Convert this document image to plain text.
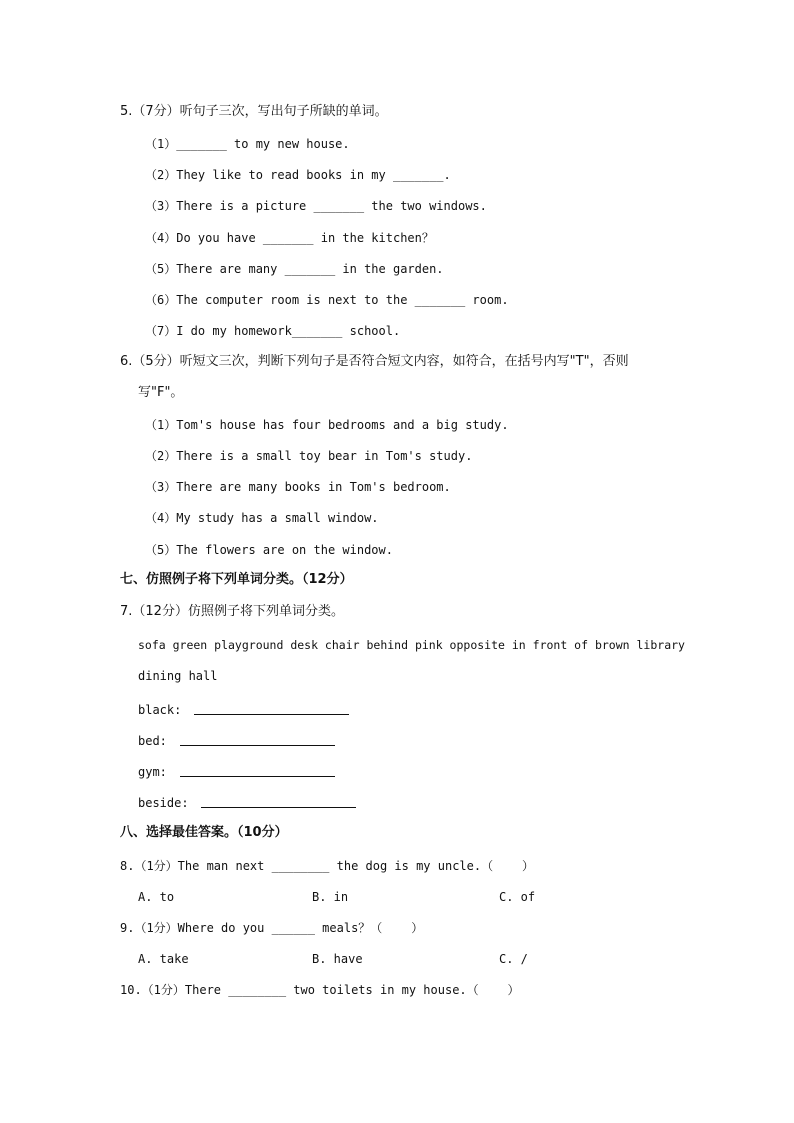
5.（7分）听句子三次，写出句子所缺的单词。
（1）_______ to my new house.
（2）They like to read books in my _______.
（3）There is a picture _______ the two windows.
（4）Do you have _______ in the kitchen？
（5）There are many _______ in the garden.
（6）The computer room is next to the _______ room.
（7）I do my homework_______ school.
6.（5分）听短文三次，判断下列句子是否符合短文内容，如符合，在括号内写"T"，否则
写"F"。
（1）Tom's house has four bedrooms and a big study.
（2）There is a small toy bear in Tom's study.
（3）There are many books in Tom's bedroom.
（4）My study has a small window.
（5）The flowers are on the window.
七、仿照例子将下列单词分类。（12分）
7.（12分）仿照例子将下列单词分类。
sofa green playground desk chair behind pink opposite in front of brown library
dining hall
black:
bed:
gym:
beside:
八、选择最佳答案。（10分）
8.（1分）The man next ________ the dog is my uncle.（    ）
A. to	B. in	C. of
9.（1分）Where do you ______ meals？（    ）
A. take	B. have	C. /
10.（1分）There ________ two toilets in my house.（    ）
